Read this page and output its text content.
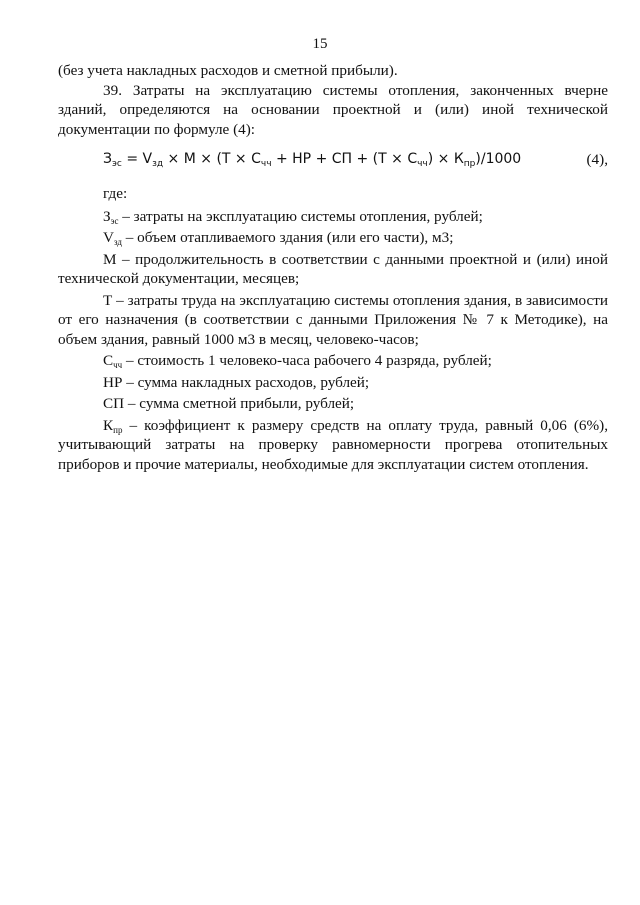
15

(без учета накладных расходов и сметной прибыли).

39. Затраты на эксплуатацию системы отопления, законченных вчерне зданий, определяются на основании проектной и (или) иной технической документации по формуле (4):

$З_{эс} = V_{зд} \times М \times (Т \times С_{чч}$ + НР + СП + $(Т \times С_{чч}) \times К_{пр})/1000$	(4),

где:

$З_{эс}$ – затраты на эксплуатацию системы отопления, рублей;

$V_{зд}$ – объем отапливаемого здания (или его части), м3;

М – продолжительность в соответствии с данными проектной и (или) иной технической документации, месяцев;

Т – затраты труда на эксплуатацию системы отопления здания, в зависимости от его назначения (в соответствии с данными Приложения № 7 к Методике), на объем здания, равный 1000 м3 в месяц, человеко-часов;

$С_{чч}$ – стоимость 1 человеко-часа рабочего 4 разряда, рублей;

НР – сумма накладных расходов, рублей;

СП – сумма сметной прибыли, рублей;

$К_{пр}$ – коэффициент к размеру средств на оплату труда, равный 0,06 (6%), учитывающий затраты на проверку равномерности прогрева отопительных приборов и прочие материалы, необходимые для эксплуатации систем отопления.
